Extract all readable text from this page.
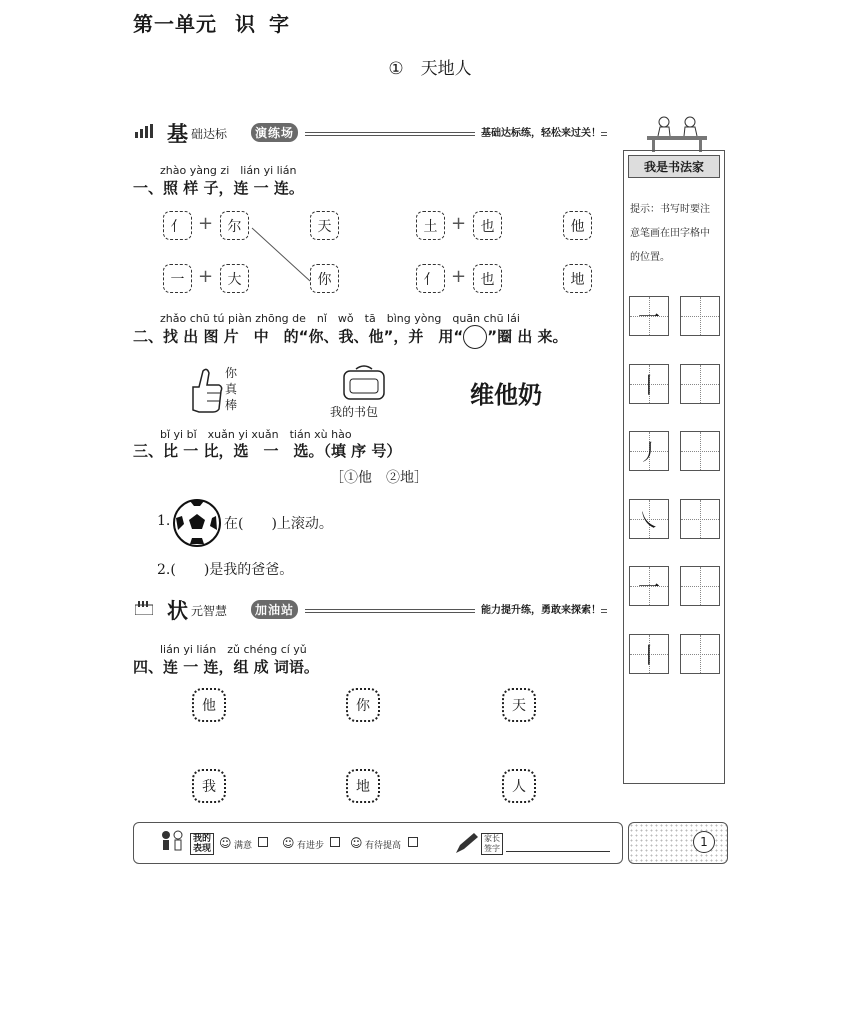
第一单元 识字
①　天地人
基 础达标	演练场	基础达标练，轻松来过关！
zhào yàng zi　lián yi lián
一、照 样 子，连 一 连。
亻 +	尔	天	土 +	也	他
一 +	大	你	亻 +	也	地
zhǎo chū tú piàn zhōng de　nǐ　wǒ　tā　bìng yòng　quān chū lái
二、找 出 图 片　中　的“你、我、他”，并　用“ ”圈 出 来。
你真棒	我的书包
维他奶
bǐ yi bǐ　xuǎn yi xuǎn　tián xù hào
三、比 一 比，选　一　选。（填 序 号）
［①他　②地］
1.	在(　　)上滚动。
2.(　　)是我的爸爸。
状 元智慧	加油站	能力提升练，勇敢来探索！
lián yi lián　zǔ chéng cí yǔ
四、连 一 连，组 成 词语。
他	你	天
我	地	人
我是书法家
提示：书写时要注意笔画在田字格中的位置。
一
丨
丿
㇏
一
丨
我的表现 ☺ 满意 ☺ 有进步 ☺ 有待提高
家长签字	1
